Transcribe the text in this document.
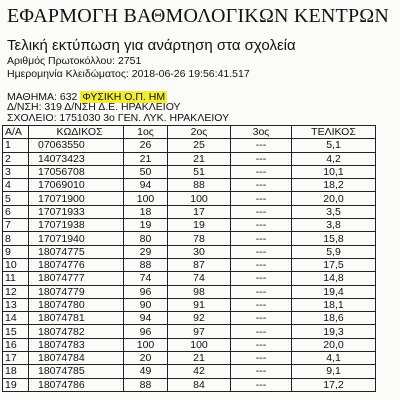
ΕΦΑΡΜΟΓΗ ΒΑΘΜΟΛΟΓΙΚΩΝ ΚΕΝΤΡΩΝ
Τελική εκτύπωση για ανάρτηση στα σχολεία
Αριθμός Πρωτοκόλλου: 2751
Ημερομηνία Κλειδώματος: 2018-06-26 19:56:41.517
ΜΑΘΗΜΑ: 632 ΦΥΣΙΚΗ Ο.Π. ΗΜ
Δ/ΝΣΗ: 319 Δ/ΝΣΗ Δ.Ε. ΗΡΑΚΛΕΙΟΥ
ΣΧΟΛΕΙΟ: 1751030 3ο ΓΕΝ. ΛΥΚ. ΗΡΑΚΛΕΙΟΥ
Α/Α	ΚΩΔΙΚΟΣ	1ος	2ος	3ος	ΤΕΛΙΚΟΣ
1	07063550	26	25	---	5,1
2	14073423	21	21	---	4,2
3	17056708	50	51	---	10,1
4	17069010	94	88	---	18,2
5	17071900	100	100	---	20,0
6	17071933	18	17	---	3,5
7	17071938	19	19	---	3,8
8	17071940	80	78	---	15,8
9	18074775	29	30	---	5,9
10	18074776	88	87	---	17,5
11	18074777	74	74	---	14,8
12	18074779	96	98	---	19,4
13	18074780	90	91	---	18,1
14	18074781	94	92	---	18,6
15	18074782	96	97	---	19,3
16	18074783	100	100	---	20,0
17	18074784	20	21	---	4,1
18	18074785	49	42	---	9,1
19	18074786	88	84	---	17,2
